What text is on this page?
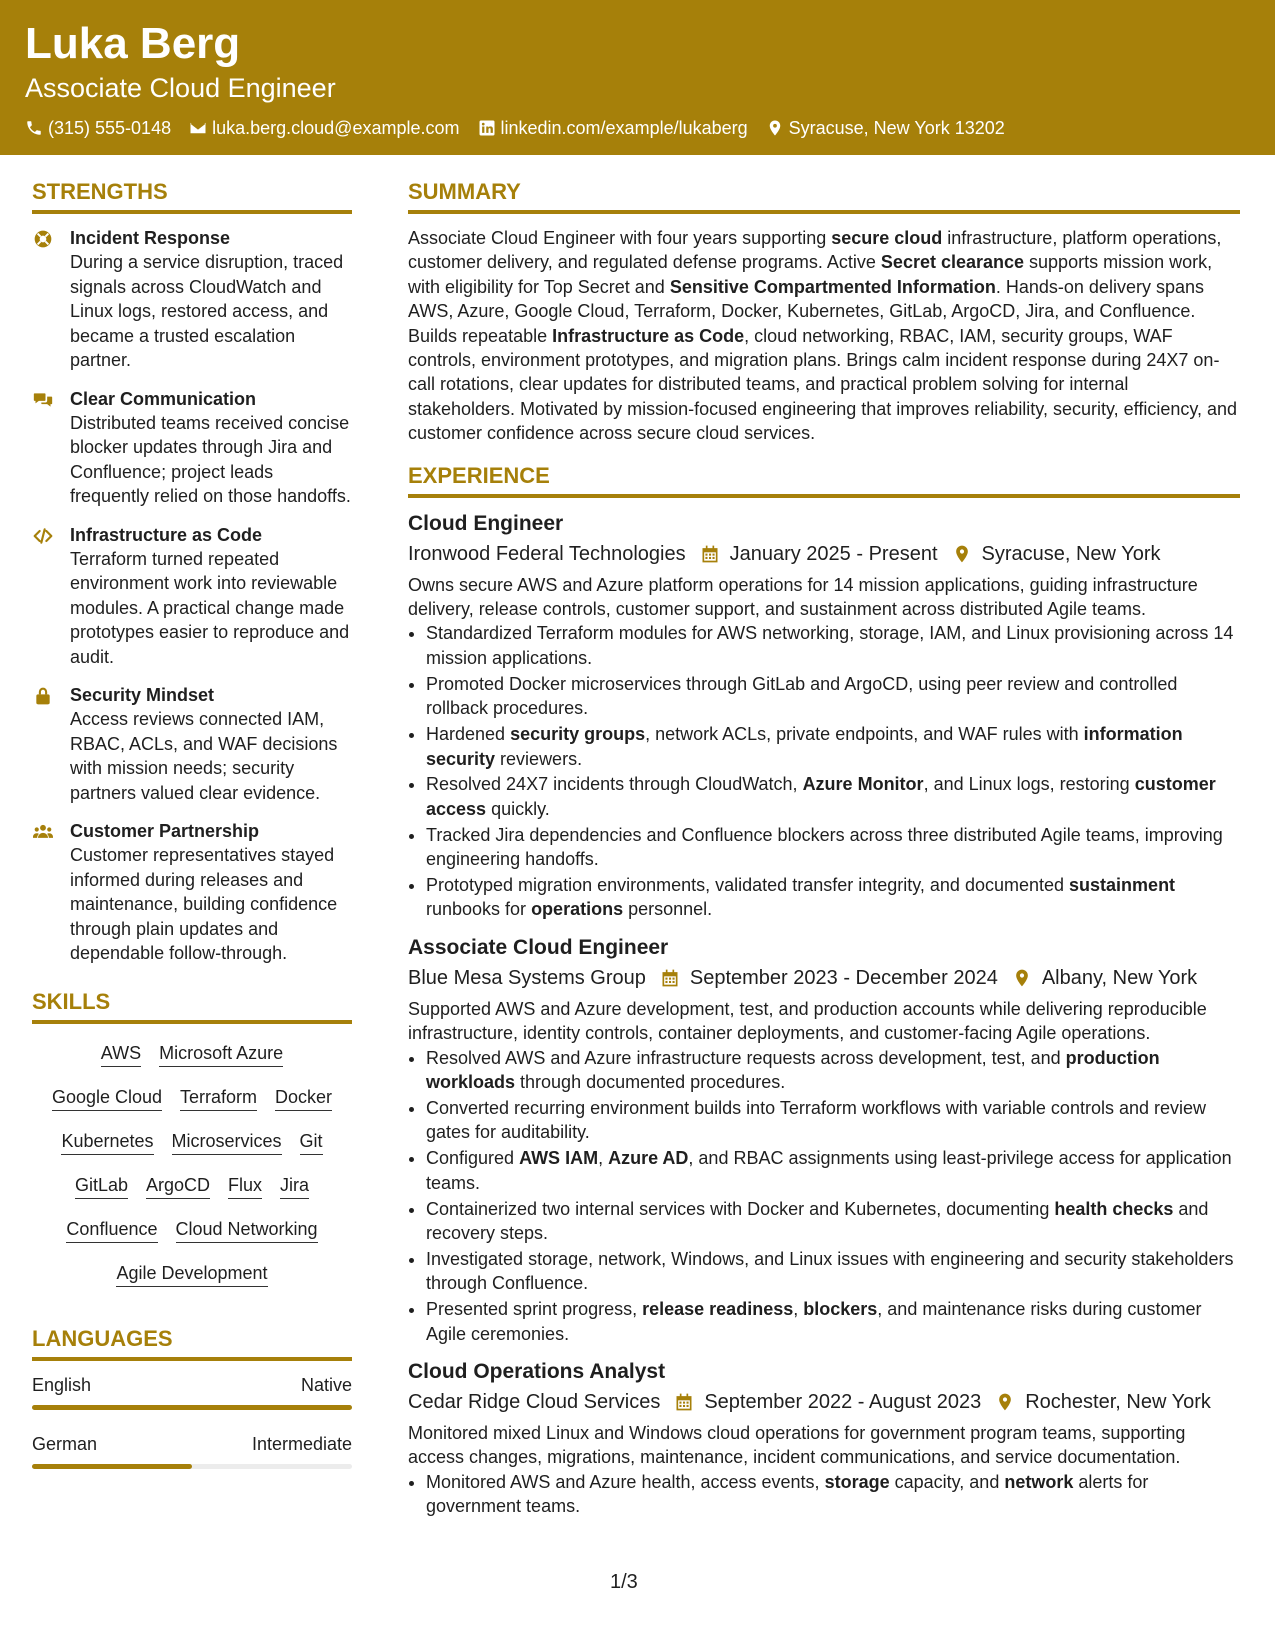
Luka Berg
Associate Cloud Engineer
(315) 555-0148 luka.berg.cloud@example.com linkedin.com/example/lukaberg Syracuse, New York 13202
STRENGTHS
Incident Response
During a service disruption, traced signals across CloudWatch and Linux logs, restored access, and became a trusted escalation partner.
Clear Communication
Distributed teams received concise blocker updates through Jira and Confluence; project leads frequently relied on those handoffs.
Infrastructure as Code
Terraform turned repeated environment work into reviewable modules. A practical change made prototypes easier to reproduce and audit.
Security Mindset
Access reviews connected IAM, RBAC, ACLs, and WAF decisions with mission needs; security partners valued clear evidence.
Customer Partnership
Customer representatives stayed informed during releases and maintenance, building confidence through plain updates and dependable follow-through.
SKILLS
AWS Microsoft Azure
Google Cloud Terraform Docker
Kubernetes Microservices Git
GitLab ArgoCD Flux Jira
Confluence Cloud Networking
Agile Development
LANGUAGES
English	Native
German	Intermediate
SUMMARY
Associate Cloud Engineer with four years supporting secure cloud infrastructure, platform operations, customer delivery, and regulated defense programs. Active Secret clearance supports mission work, with eligibility for Top Secret and Sensitive Compartmented Information. Hands-on delivery spans AWS, Azure, Google Cloud, Terraform, Docker, Kubernetes, GitLab, ArgoCD, Jira, and Confluence. Builds repeatable Infrastructure as Code, cloud networking, RBAC, IAM, security groups, WAF controls, environment prototypes, and migration plans. Brings calm incident response during 24X7 on-call rotations, clear updates for distributed teams, and practical problem solving for internal stakeholders. Motivated by mission-focused engineering that improves reliability, security, efficiency, and customer confidence across secure cloud services.
EXPERIENCE
Cloud Engineer
Ironwood Federal Technologies January 2025 - Present Syracuse, New York
Owns secure AWS and Azure platform operations for 14 mission applications, guiding infrastructure delivery, release controls, customer support, and sustainment across distributed Agile teams.
• Standardized Terraform modules for AWS networking, storage, IAM, and Linux provisioning across 14 mission applications.
• Promoted Docker microservices through GitLab and ArgoCD, using peer review and controlled rollback procedures.
• Hardened security groups, network ACLs, private endpoints, and WAF rules with information security reviewers.
• Resolved 24X7 incidents through CloudWatch, Azure Monitor, and Linux logs, restoring customer access quickly.
• Tracked Jira dependencies and Confluence blockers across three distributed Agile teams, improving engineering handoffs.
• Prototyped migration environments, validated transfer integrity, and documented sustainment runbooks for operations personnel.
Associate Cloud Engineer
Blue Mesa Systems Group September 2023 - December 2024 Albany, New York
Supported AWS and Azure development, test, and production accounts while delivering reproducible infrastructure, identity controls, container deployments, and customer-facing Agile operations.
• Resolved AWS and Azure infrastructure requests across development, test, and production workloads through documented procedures.
• Converted recurring environment builds into Terraform workflows with variable controls and review gates for auditability.
• Configured AWS IAM, Azure AD, and RBAC assignments using least-privilege access for application teams.
• Containerized two internal services with Docker and Kubernetes, documenting health checks and recovery steps.
• Investigated storage, network, Windows, and Linux issues with engineering and security stakeholders through Confluence.
• Presented sprint progress, release readiness, blockers, and maintenance risks during customer Agile ceremonies.
Cloud Operations Analyst
Cedar Ridge Cloud Services September 2022 - August 2023 Rochester, New York
Monitored mixed Linux and Windows cloud operations for government program teams, supporting access changes, migrations, maintenance, incident communications, and service documentation.
• Monitored AWS and Azure health, access events, storage capacity, and network alerts for government teams.
1/3
